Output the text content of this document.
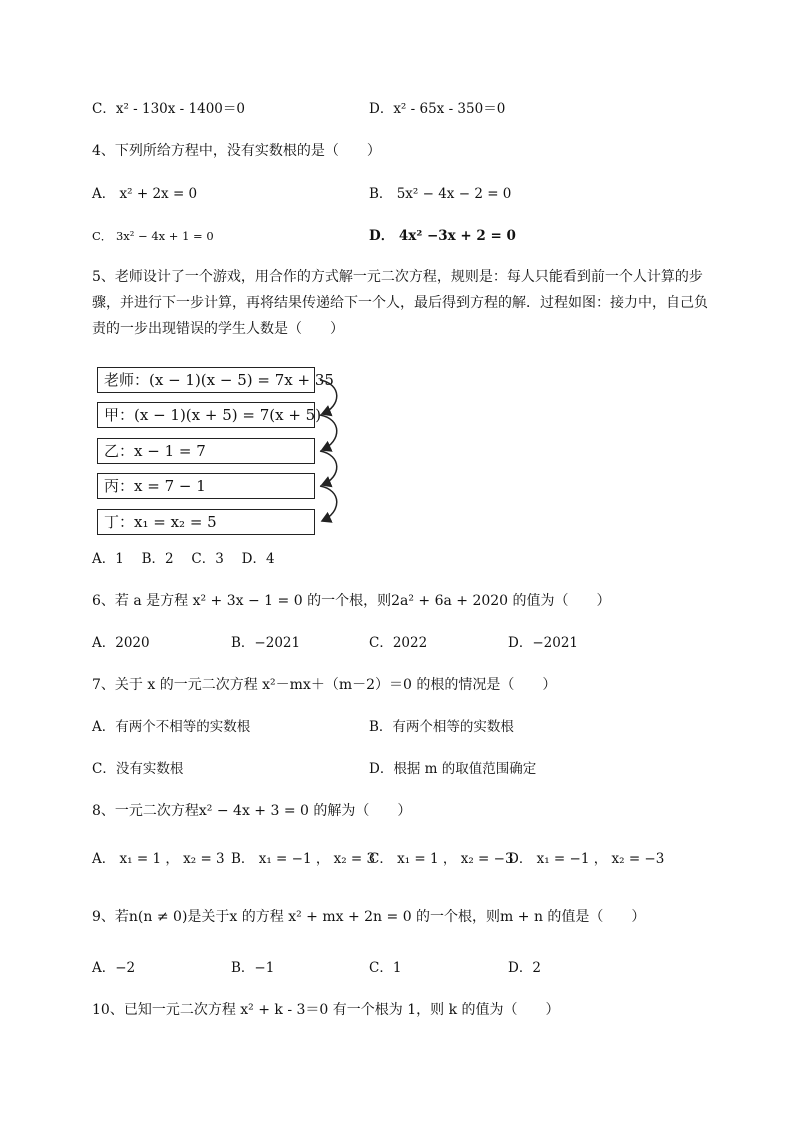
C．x² - 130x - 1400＝0	D．x² - 65x - 350＝0
4、下列所给方程中，没有实数根的是（　　）
A． x² + 2x = 0	B． 5x² − 4x − 2 = 0
C． 3x² − 4x + 1 = 0	D． 4x² −3x + 2 = 0
5、老师设计了一个游戏，用合作的方式解一元二次方程，规则是：每人只能看到前一个人计算的步
骤，并进行下一步计算，再将结果传递给下一个人，最后得到方程的解．过程如图：接力中，自己负
责的一步出现错误的学生人数是（　　）
老师：(x − 1)(x − 5) = 7x + 35
甲：(x − 1)(x + 5) = 7(x + 5)
乙：x − 1 = 7
丙：x = 7 − 1
丁：x₁ = x₂ = 5
A．1　 B．2　 C．3　 D．4
6、若 a 是方程 x² + 3x − 1 = 0 的一个根，则2a² + 6a + 2020 的值为（　　）
A．2020	B．−2021	C．2022	D．−2021
7、关于 x 的一元二次方程 x²－mx＋（m－2）＝0 的根的情况是（　　）
A．有两个不相等的实数根	B．有两个相等的实数根
C．没有实数根	D．根据 m 的取值范围确定
8、一元二次方程x² − 4x + 3 = 0 的解为（　　）
A． x₁ = 1 ， x₂ = 3 B． x₁ = −1 ， x₂ = 3
C． x₁ = 1 ， x₂ = −3
D． x₁ = −1 ， x₂ = −3
9、若n(n ≠ 0)是关于x 的方程 x² + mx + 2n = 0 的一个根，则m + n 的值是（　　）
A．−2	B．−1	C．1	D．2
10、已知一元二次方程 x² + k - 3＝0 有一个根为 1，则 k 的值为（　　）
